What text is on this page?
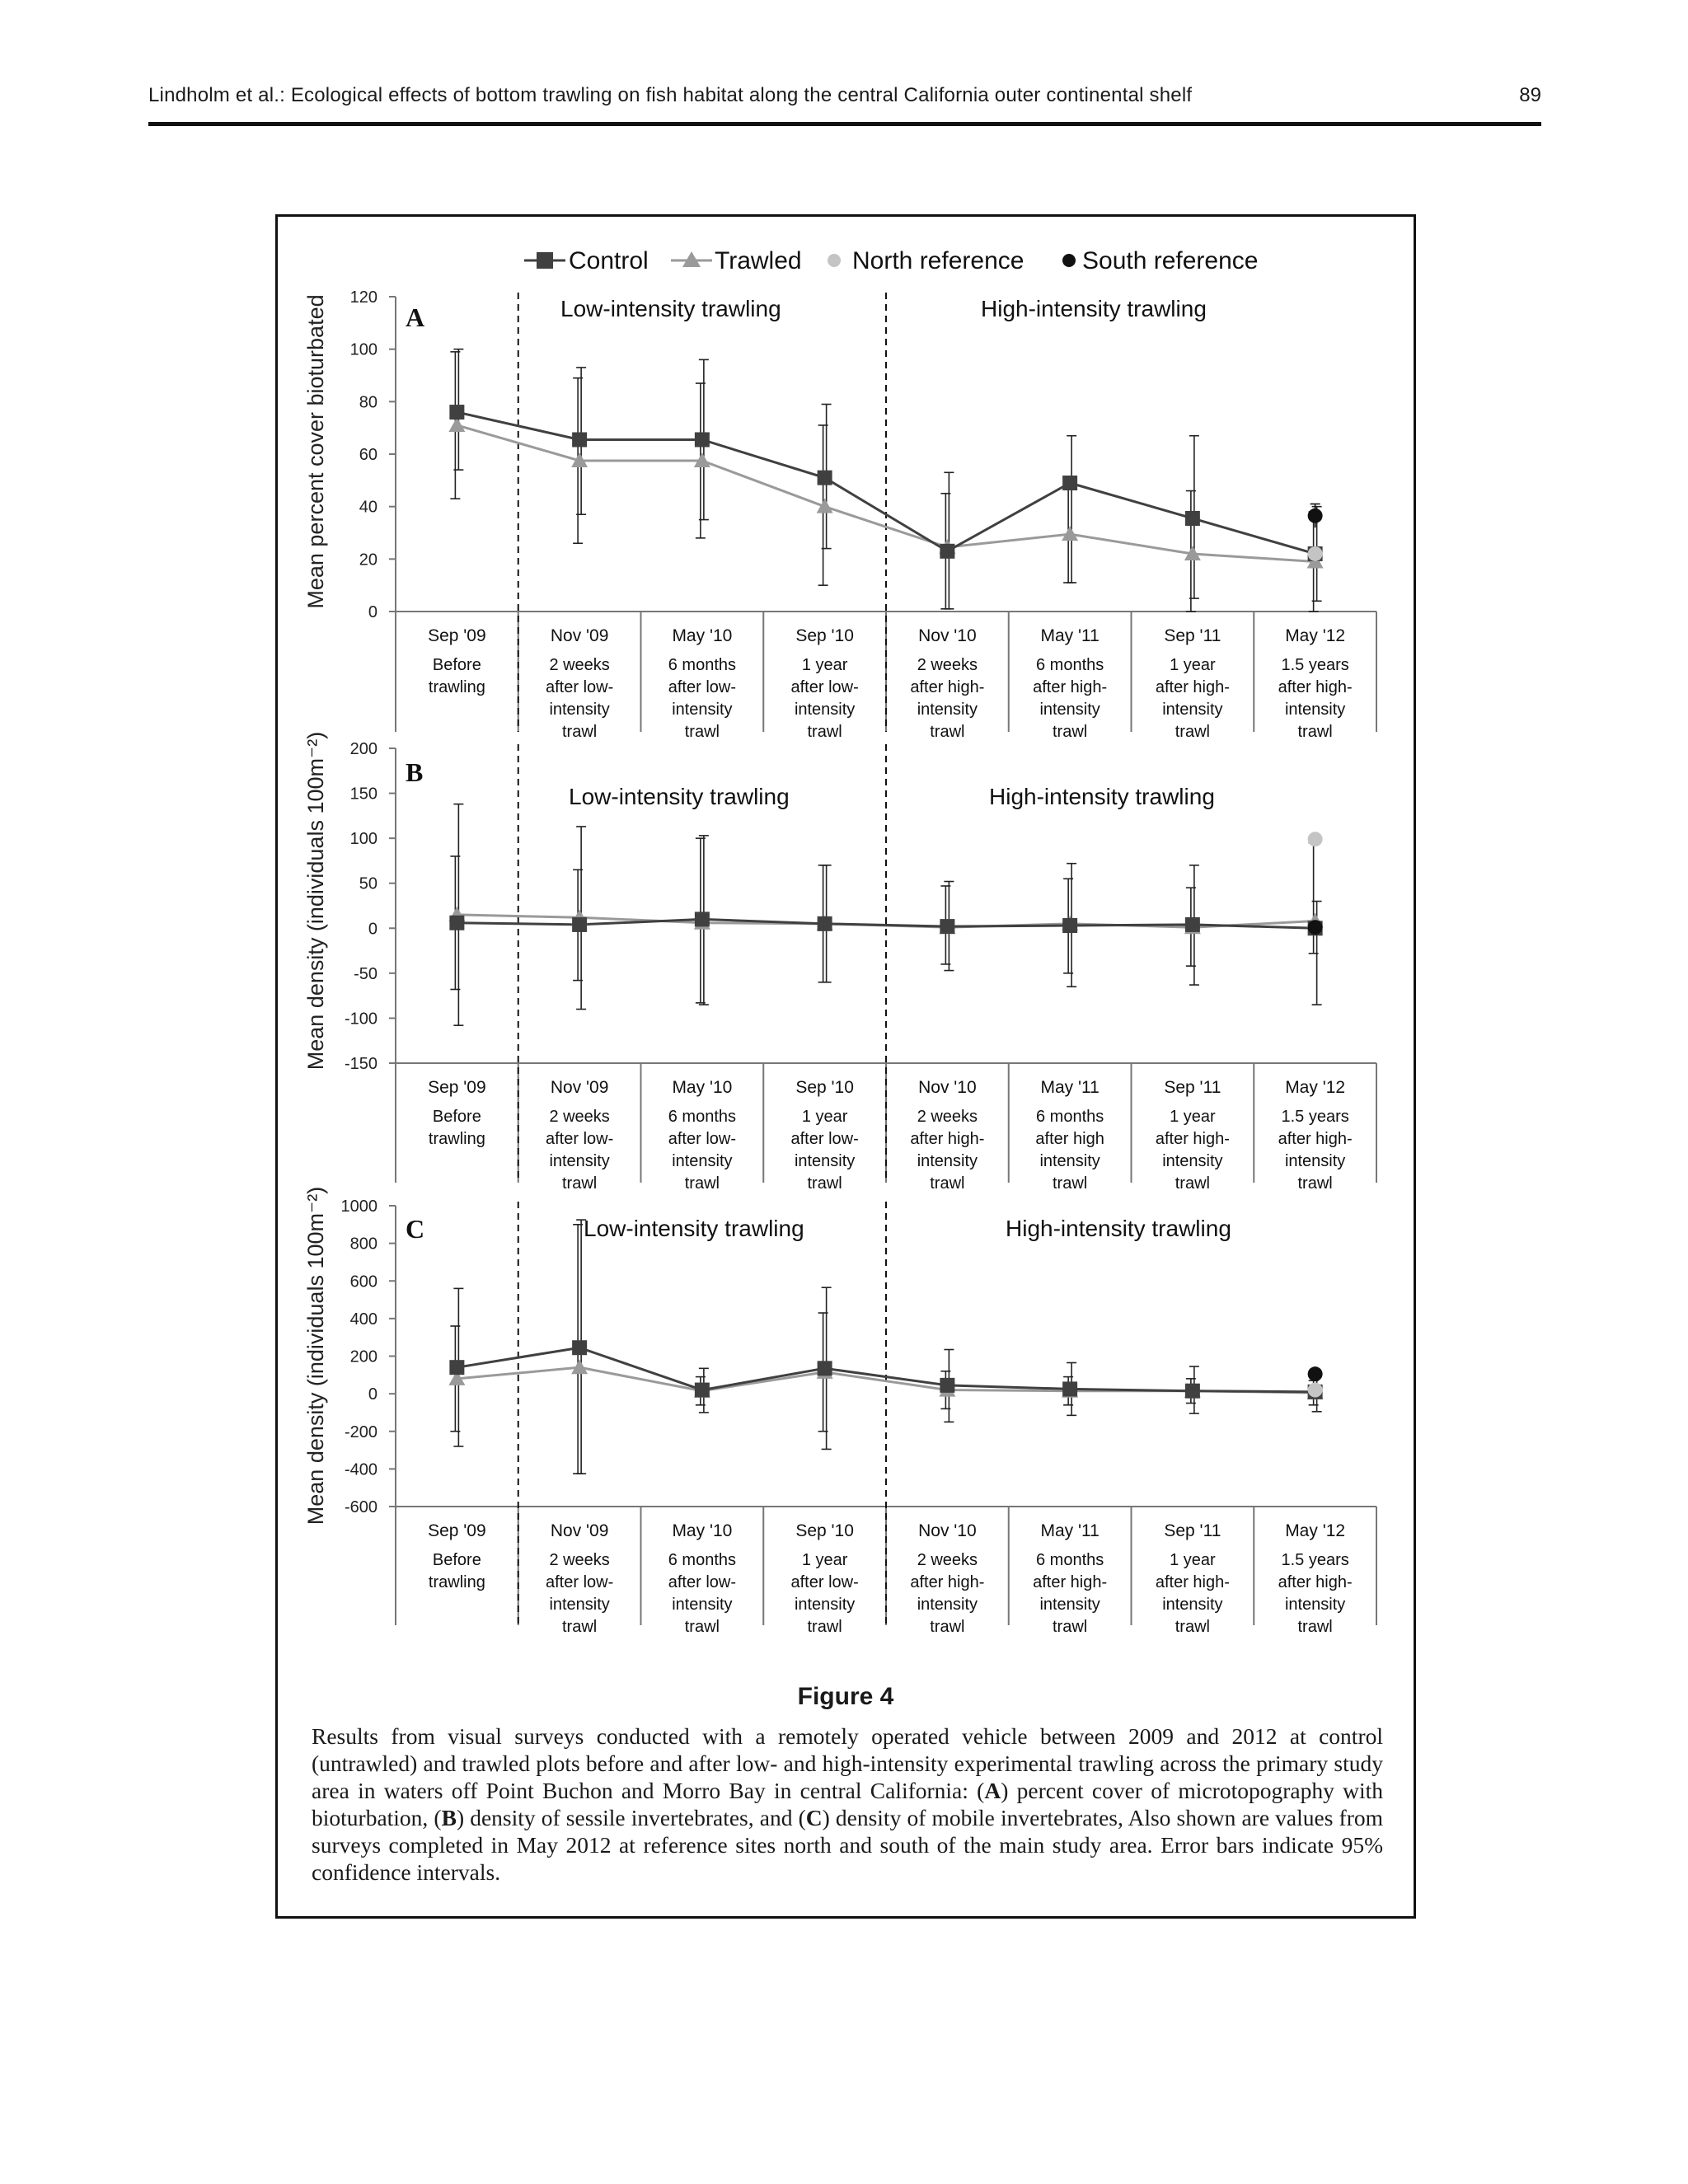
Lindholm et al.: Ecological effects of bottom trawling on fish habitat along the central California outer continental shelf	89
Control	Trawled North reference South reference
0
20
40
60
80
100
120
Mean percent cover bioturbated
Sep '09
Before
trawling
Nov '09
2 weeks
after low-
intensity
trawl
May '10
6 months
after low-
intensity
trawl
Sep '10
1 year
after low-
intensity
trawl
Nov '10
2 weeks
after high-
intensity
trawl
May '11
6 months
after high-
intensity
trawl
Sep '11
1 year
after high-
intensity
trawl
May '12
1.5 years
after high-
intensity
trawl
A	Low-intensity trawling	High-intensity trawling
-150
-100
-50
0
50
100
150
200
Mean density (individuals 100m⁻²)
Sep '09
Before
trawling
Nov '09
2 weeks
after low-
intensity
trawl
May '10
6 months
after low-
intensity
trawl
Sep '10
1 year
after low-
intensity
trawl
Nov '10
2 weeks
after high-
intensity
trawl
May '11
6 months
after high
intensity
trawl
Sep '11
1 year
after high-
intensity
trawl
May '12
1.5 years
after high-
intensity
trawl
B
Low-intensity trawling	High-intensity trawling
-600
-400
-200
0
200
400
600
800
1000
Mean density (individuals 100m⁻²)
Sep '09
Before
trawling
Nov '09
2 weeks
after low-
intensity
trawl
May '10
6 months
after low-
intensity
trawl
Sep '10
1 year
after low-
intensity
trawl
Nov '10
2 weeks
after high-
intensity
trawl
May '11
6 months
after high-
intensity
trawl
Sep '11
1 year
after high-
intensity
trawl
May '12
1.5 years
after high-
intensity
trawl
C	Low-intensity trawling	High-intensity trawling
Figure 4
Results from visual surveys conducted with a remotely operated vehicle between 2009 and 2012 at control (untrawled) and trawled plots before and after low- and high-intensity experimental trawling across the primary study area in waters off Point Buchon and Morro Bay in central California: (A) percent cover of microtopography with bioturbation, (B) density of sessile invertebrates, and (C) density of mobile invertebrates, Also shown are values from surveys completed in May 2012 at reference sites north and south of the main study area. Error bars indicate 95% confidence intervals.
